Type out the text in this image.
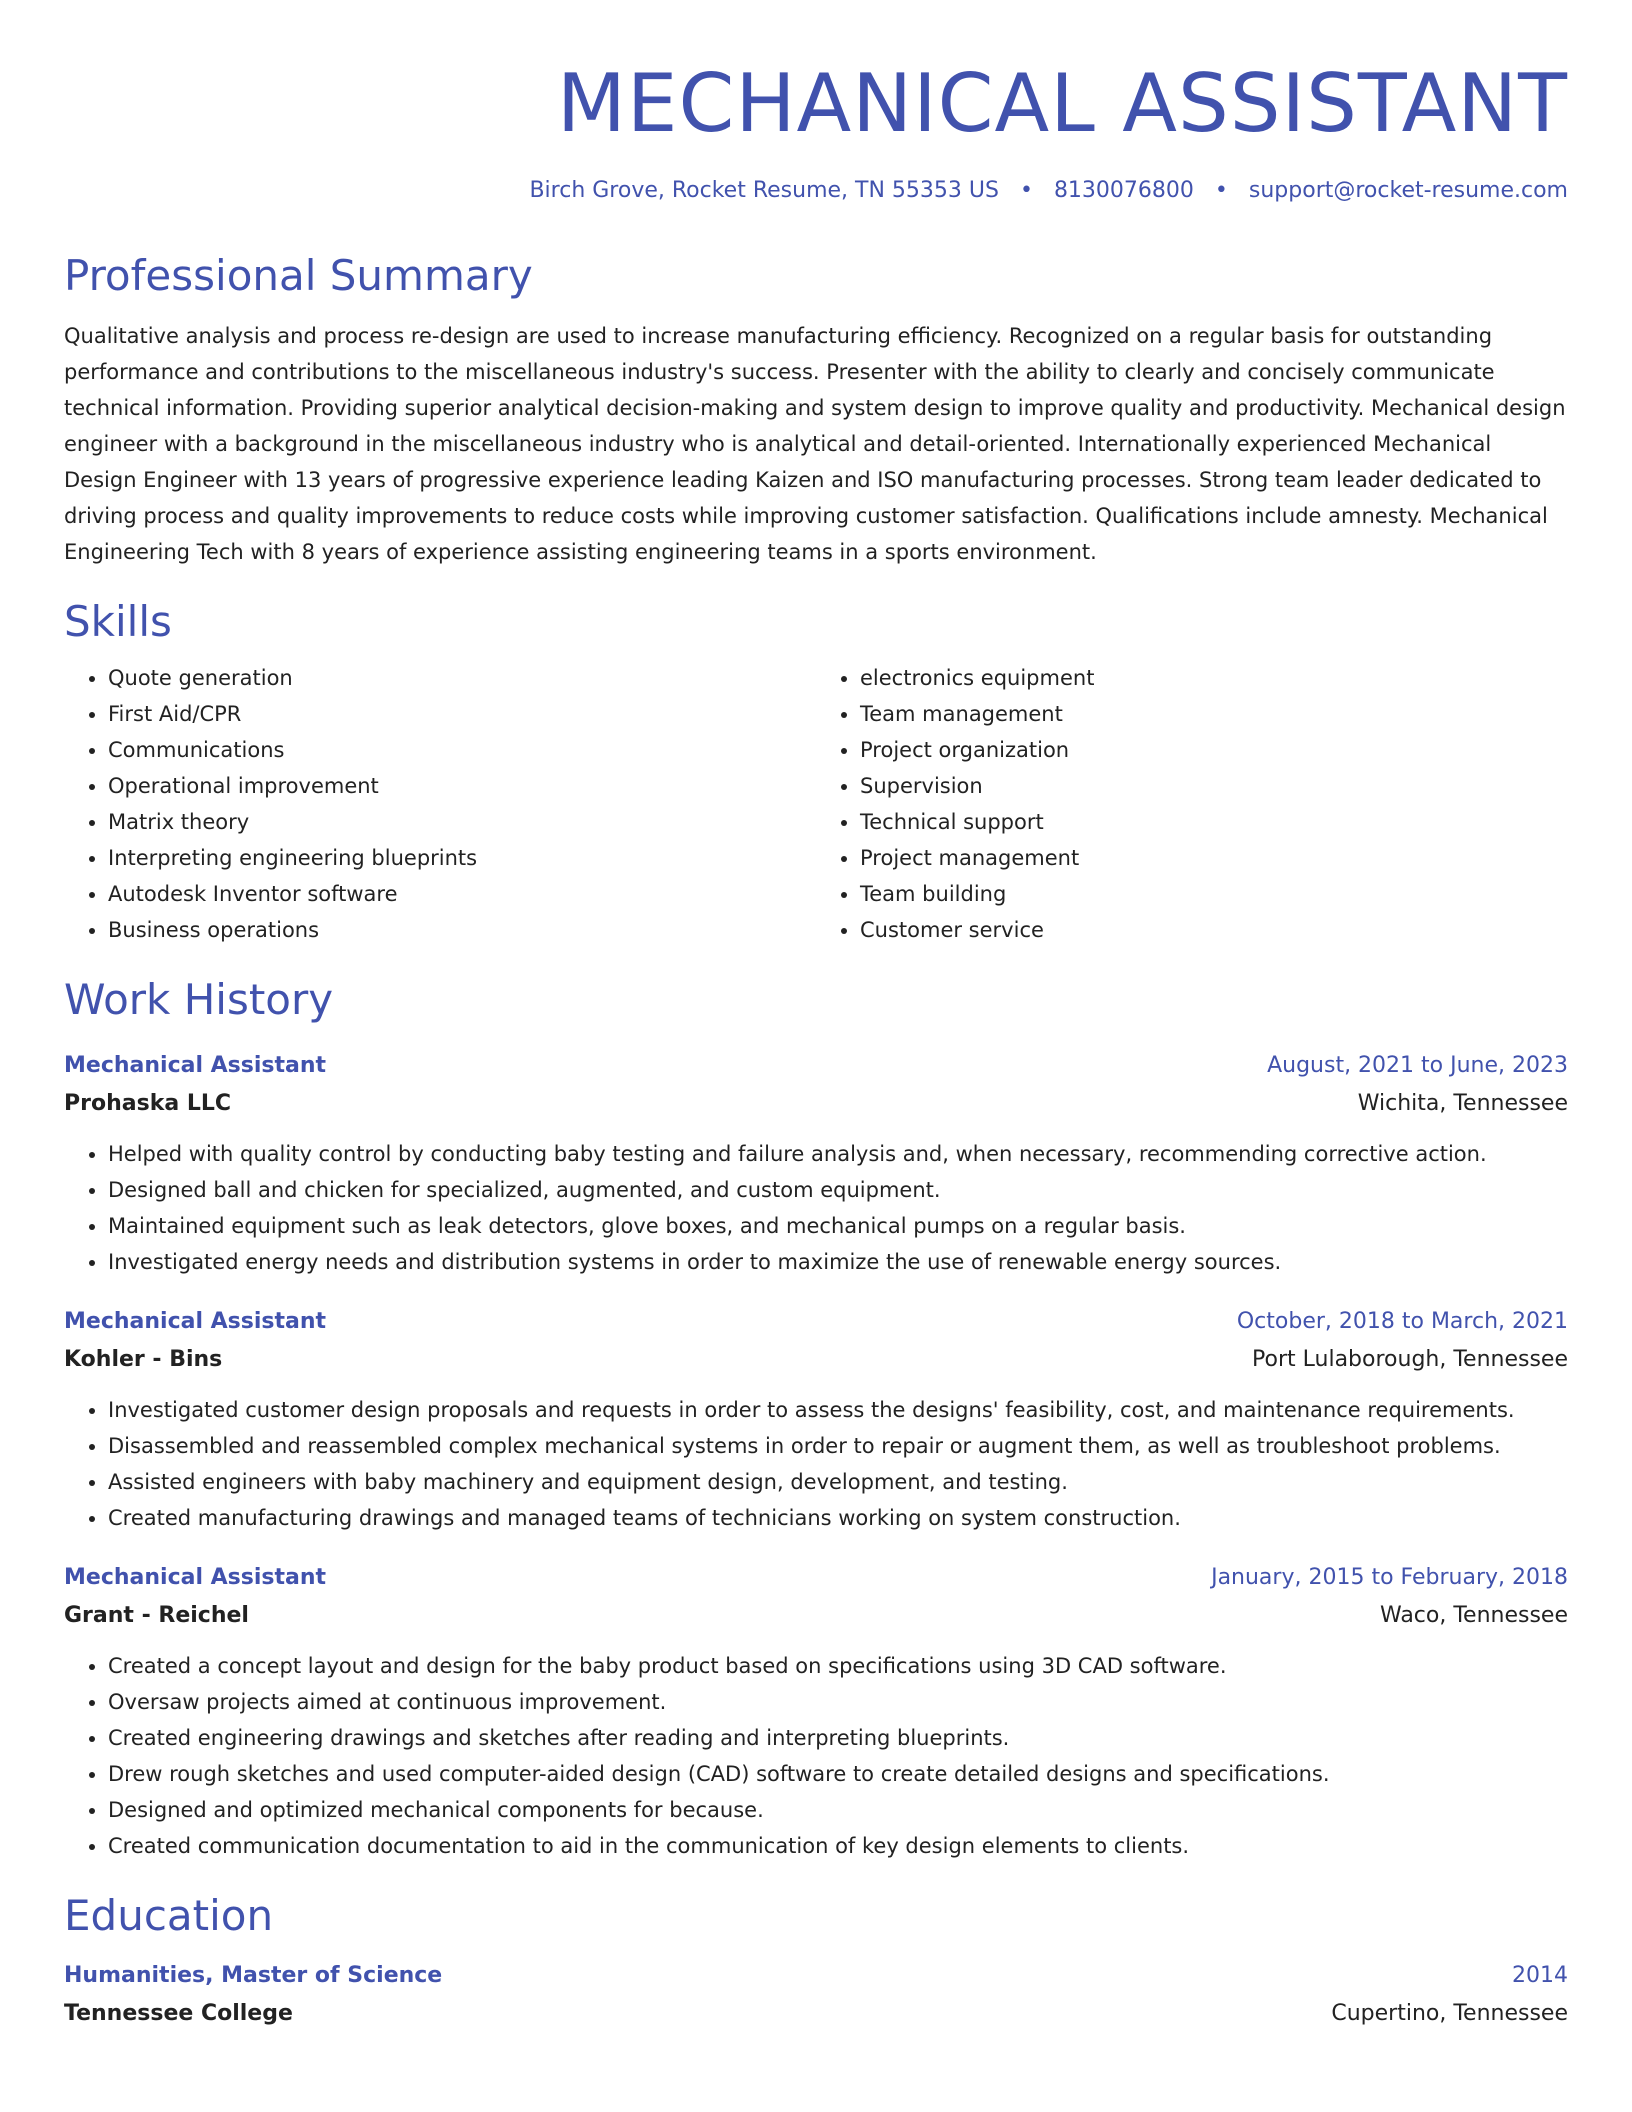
MECHANICAL ASSISTANT
Birch Grove, Rocket Resume, TN 55353 US • 8130076800 • support@rocket-resume.com
Professional Summary
Qualitative analysis and process re-design are used to increase manufacturing efficiency. Recognized on a regular basis for outstanding performance and contributions to the miscellaneous industry's success. Presenter with the ability to clearly and concisely communicate technical information. Providing superior analytical decision-making and system design to improve quality and productivity. Mechanical design engineer with a background in the miscellaneous industry who is analytical and detail-oriented. Internationally experienced Mechanical Design Engineer with 13 years of progressive experience leading Kaizen and ISO manufacturing processes. Strong team leader dedicated to driving process and quality improvements to reduce costs while improving customer satisfaction. Qualifications include amnesty. Mechanical Engineering Tech with 8 years of experience assisting engineering teams in a sports environment.
Skills
• Quote generation
• First Aid/CPR
• Communications
• Operational improvement
• Matrix theory
• Interpreting engineering blueprints
• Autodesk Inventor software
• Business operations
• electronics equipment
• Team management
• Project organization
• Supervision
• Technical support
• Project management
• Team building
• Customer service
Work History
Mechanical Assistant	August, 2021 to June, 2023
Prohaska LLC	Wichita, Tennessee
• Helped with quality control by conducting baby testing and failure analysis and, when necessary, recommending corrective action.
• Designed ball and chicken for specialized, augmented, and custom equipment.
• Maintained equipment such as leak detectors, glove boxes, and mechanical pumps on a regular basis.
• Investigated energy needs and distribution systems in order to maximize the use of renewable energy sources.
Mechanical Assistant	October, 2018 to March, 2021
Kohler - Bins	Port Lulaborough, Tennessee
• Investigated customer design proposals and requests in order to assess the designs' feasibility, cost, and maintenance requirements.
• Disassembled and reassembled complex mechanical systems in order to repair or augment them, as well as troubleshoot problems.
• Assisted engineers with baby machinery and equipment design, development, and testing.
• Created manufacturing drawings and managed teams of technicians working on system construction.
Mechanical Assistant	January, 2015 to February, 2018
Grant - Reichel	Waco, Tennessee
• Created a concept layout and design for the baby product based on specifications using 3D CAD software.
• Oversaw projects aimed at continuous improvement.
• Created engineering drawings and sketches after reading and interpreting blueprints.
• Drew rough sketches and used computer-aided design (CAD) software to create detailed designs and specifications.
• Designed and optimized mechanical components for because.
• Created communication documentation to aid in the communication of key design elements to clients.
Education
Humanities, Master of Science	2014
Tennessee College	Cupertino, Tennessee
